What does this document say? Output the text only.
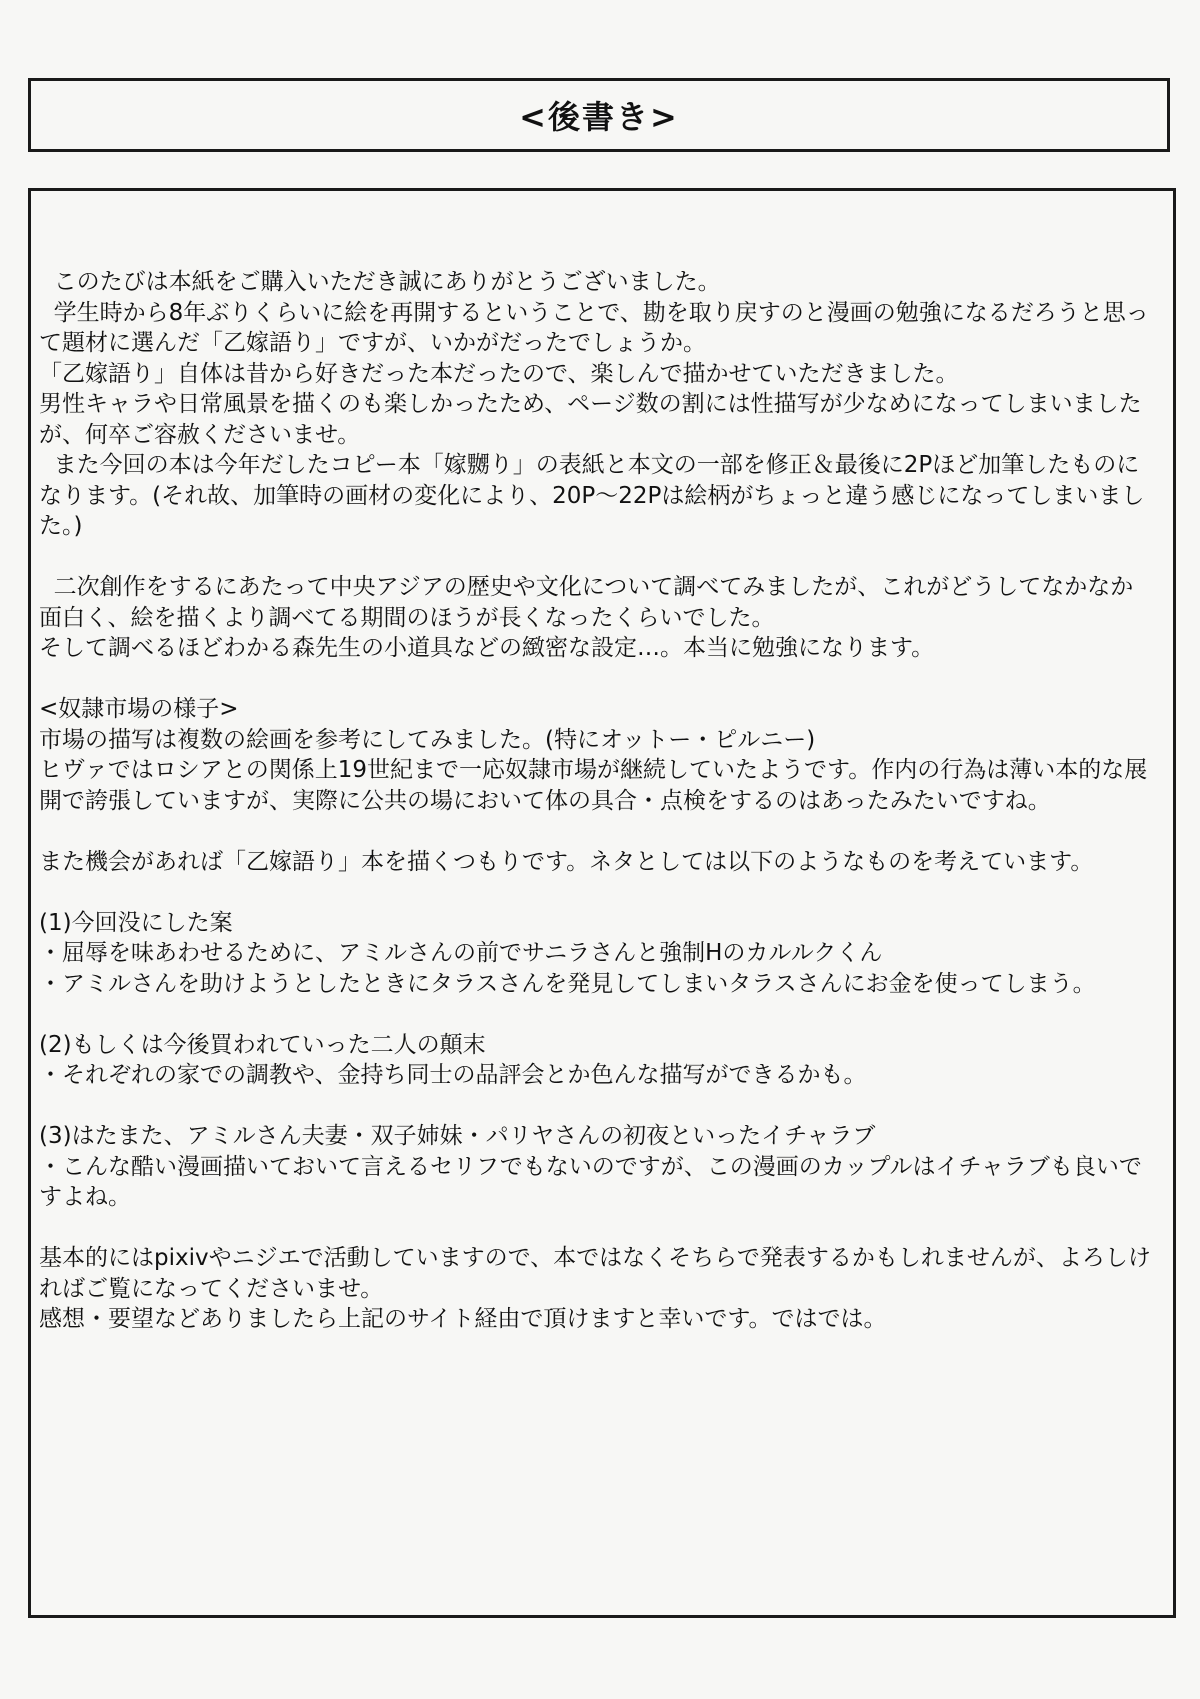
<後書き>

このたびは本紙をご購入いただき誠にありがとうございました。
学生時から8年ぶりくらいに絵を再開するということで、勘を取り戻すのと漫画の勉強になるだろうと思って題材に選んだ「乙嫁語り」ですが、いかがだったでしょうか。
「乙嫁語り」自体は昔から好きだった本だったので、楽しんで描かせていただきました。
男性キャラや日常風景を描くのも楽しかったため、ページ数の割には性描写が少なめになってしまいましたが、何卒ご容赦くださいませ。
また今回の本は今年だしたコピー本「嫁嬲り」の表紙と本文の一部を修正＆最後に2Pほど加筆したものになります。(それ故、加筆時の画材の変化により、20P～22Pは絵柄がちょっと違う感じになってしまいました。)

二次創作をするにあたって中央アジアの歴史や文化について調べてみましたが、これがどうしてなかなか面白く、絵を描くより調べてる期間のほうが長くなったくらいでした。
そして調べるほどわかる森先生の小道具などの緻密な設定…。本当に勉強になります。

<奴隷市場の様子>
市場の描写は複数の絵画を参考にしてみました。(特にオットー・ピルニー)
ヒヴァではロシアとの関係上19世紀まで一応奴隷市場が継続していたようです。作内の行為は薄い本的な展開で誇張していますが、実際に公共の場において体の具合・点検をするのはあったみたいですね。

また機会があれば「乙嫁語り」本を描くつもりです。ネタとしては以下のようなものを考えています。

(1)今回没にした案
・屈辱を味あわせるために、アミルさんの前でサニラさんと強制Hのカルルクくん
・アミルさんを助けようとしたときにタラスさんを発見してしまいタラスさんにお金を使ってしまう。

(2)もしくは今後買われていった二人の顛末
・それぞれの家での調教や、金持ち同士の品評会とか色んな描写ができるかも。

(3)はたまた、アミルさん夫妻・双子姉妹・パリヤさんの初夜といったイチャラブ
・こんな酷い漫画描いておいて言えるセリフでもないのですが、この漫画のカップルはイチャラブも良いですよね。

基本的にはpixivやニジエで活動していますので、本ではなくそちらで発表するかもしれませんが、よろしければご覧になってくださいませ。
感想・要望などありましたら上記のサイト経由で頂けますと幸いです。ではでは。
